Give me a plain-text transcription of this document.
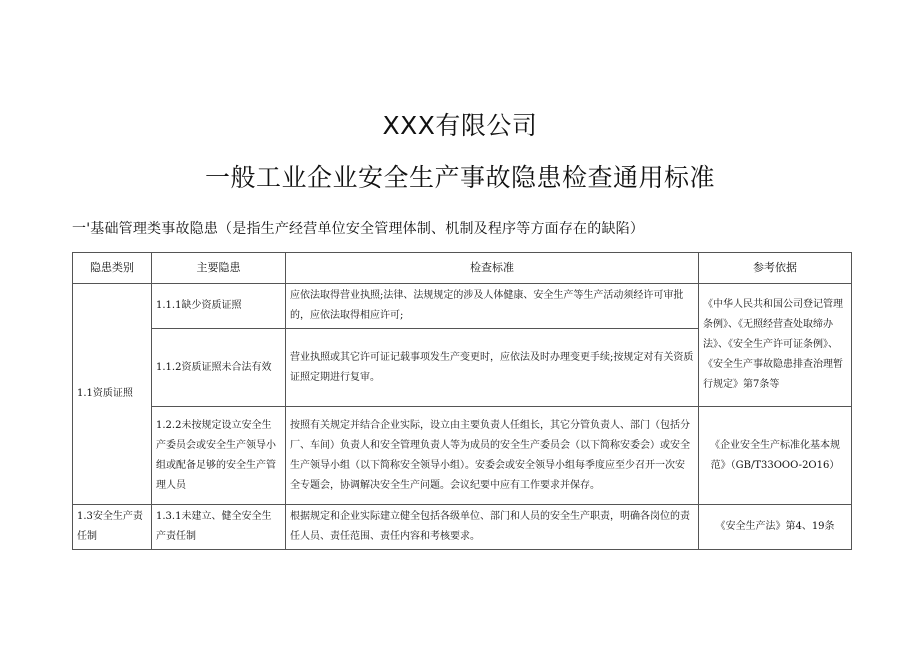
XXX有限公司
一般工业企业安全生产事故隐患检查通用标准
一'基础管理类事故隐患（是指生产经营单位安全管理体制、机制及程序等方面存在的缺陷）
隐患类别	主要隐患	检查标准	参考依据
1.1资质证照	1.1.1缺少资质证照	应依法取得营业执照;法律、法规规定的涉及人体健康、安全生产等生产活动须经许可审批的，应依法取得相应许可;	《中华人民共和国公司登记管理条例》、《无照经营查处取缔办法》、《安全生产许可证条例》、《安全生产事故隐患排查治理暂行规定》第7条等
	1.1.2资质证照未合法有效	营业执照或其它许可证记载事项发生产变更时，应依法及时办理变更手续;按规定对有关资质证照定期进行复审。	
	1.2.2未按规定设立安全生产委员会或安全生产领导小组或配备足够的安全生产管理人员	按照有关规定并结合企业实际，设立由主要负责人任组长，其它分管负责人、部门（包括分厂、车间）负责人和安全管理负责人等为成员的安全生产委员会（以下简称安委会）或安全生产领导小组（以下简称安全领导小组）。安委会或安全领导小组每季度应至少召开一次安全专题会，协调解决安全生产问题。会议纪要中应有工作要求并保存。	《企业安全生产标准化基本规范》（GB/T33OOO-2O16）
1.3安全生产责任制	1.3.1未建立、健全安全生产责任制	根据规定和企业实际建立健全包括各级单位、部门和人员的安全生产职责，明确各岗位的责任人员、责任范围、责任内容和考核要求。	《安全生产法》第4、19条
